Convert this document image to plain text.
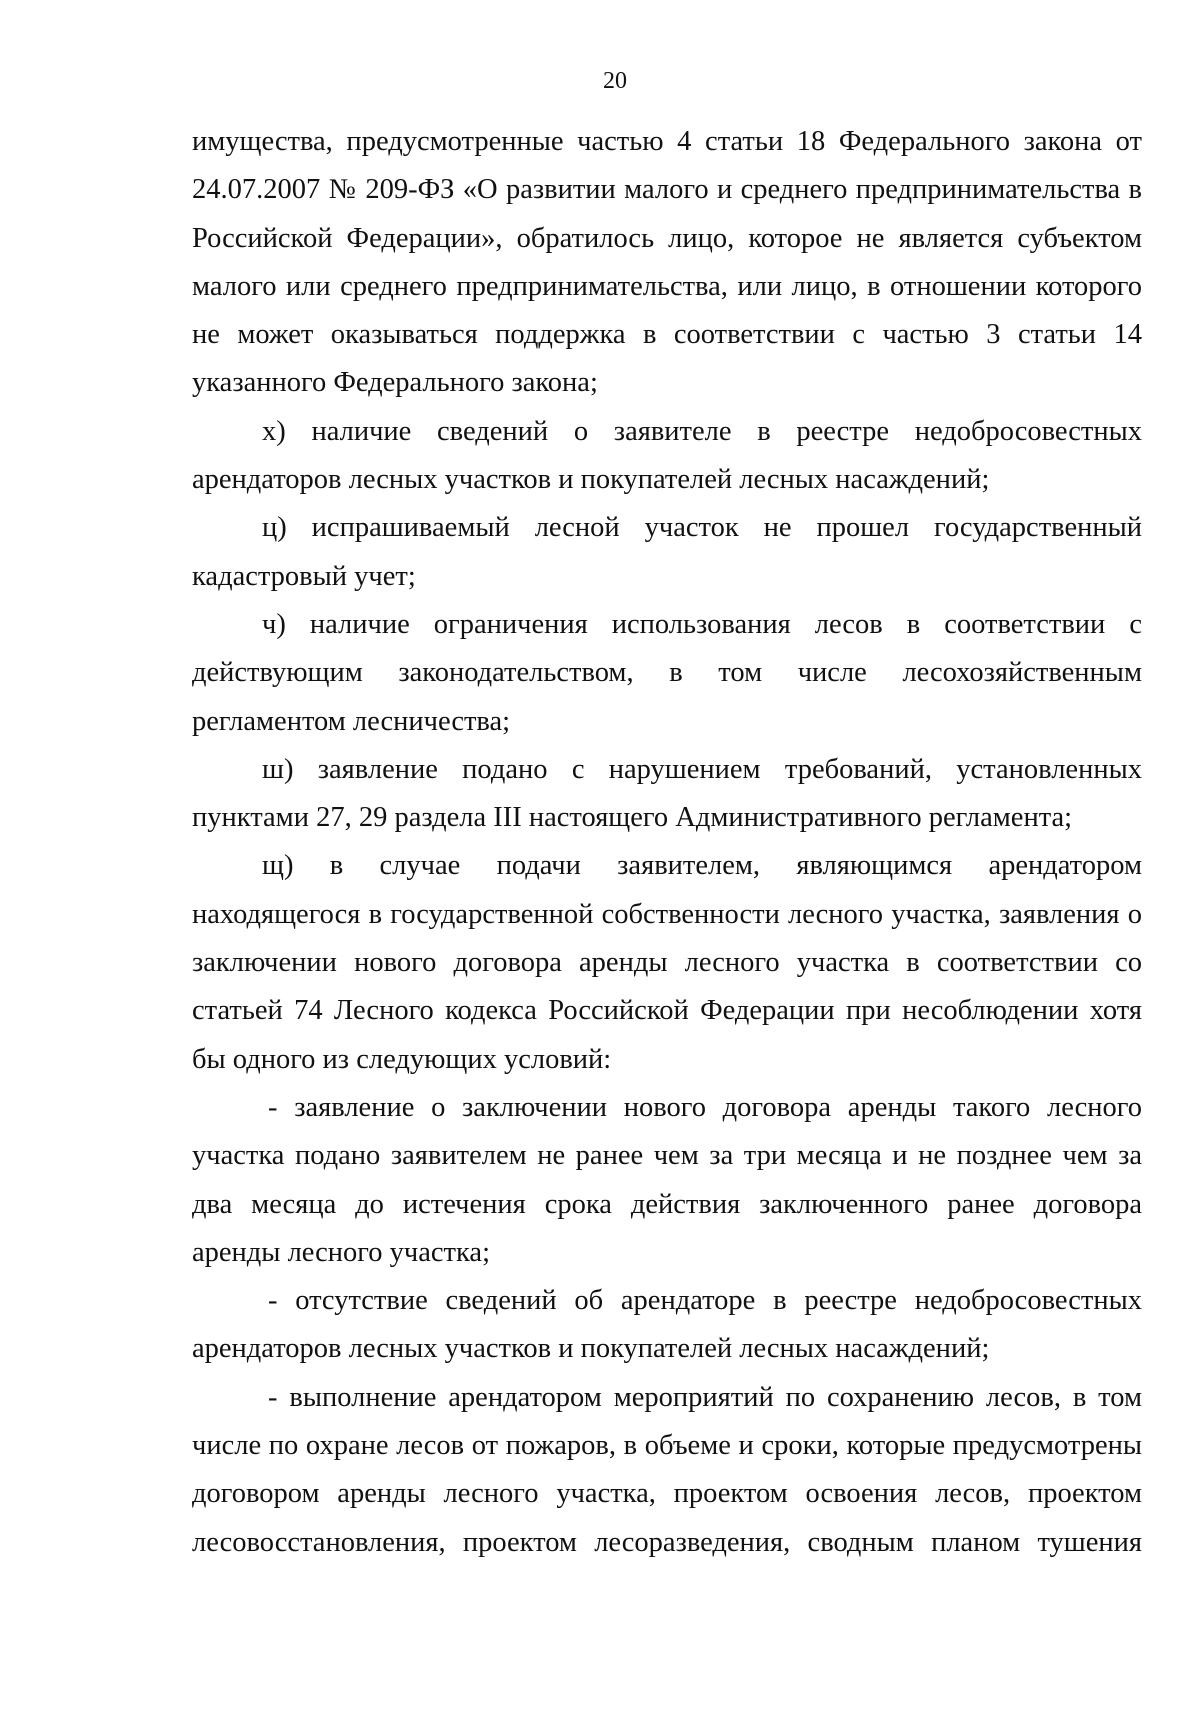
20

имущества, предусмотренные частью 4 статьи 18 Федерального закона от 24.07.2007 № 209-ФЗ «О развитии малого и среднего предпринимательства в Российской Федерации», обратилось лицо, которое не является субъектом малого или среднего предпринимательства, или лицо, в отношении которого не может оказываться поддержка в соответствии с частью 3 статьи 14 указанного Федерального закона;

х) наличие сведений о заявителе в реестре недобросовестных арендаторов лесных участков и покупателей лесных насаждений;

ц) испрашиваемый лесной участок не прошел государственный кадастровый учет;

ч) наличие ограничения использования лесов в соответствии с действующим законодательством, в том числе лесохозяйственным регламентом лесничества;

ш) заявление подано с нарушением требований, установленных пунктами 27, 29 раздела III настоящего Административного регламента;

щ) в случае подачи заявителем, являющимся арендатором находящегося в государственной собственности лесного участка, заявления о заключении нового договора аренды лесного участка в соответствии со статьей 74 Лесного кодекса Российской Федерации при несоблюдении хотя бы одного из следующих условий:

- заявление о заключении нового договора аренды такого лесного участка подано заявителем не ранее чем за три месяца и не позднее чем за два месяца до истечения срока действия заключенного ранее договора аренды лесного участка;

- отсутствие сведений об арендаторе в реестре недобросовестных арендаторов лесных участков и покупателей лесных насаждений;

- выполнение арендатором мероприятий по сохранению лесов, в том числе по охране лесов от пожаров, в объеме и сроки, которые предусмотрены договором аренды лесного участка, проектом освоения лесов, проектом лесовосстановления, проектом лесоразведения, сводным планом тушения
